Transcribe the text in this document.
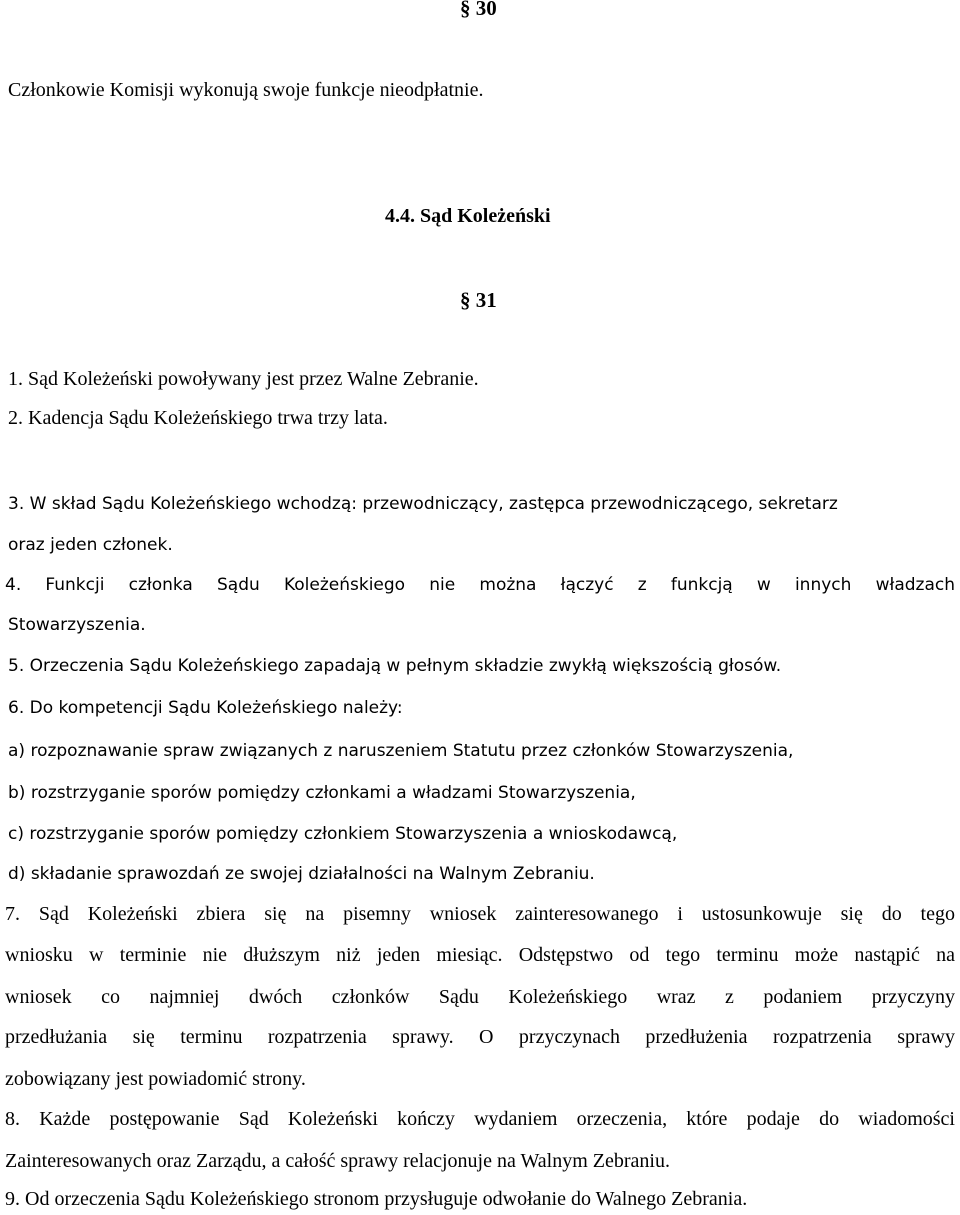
§ 30
Członkowie Komisji wykonują swoje funkcje nieodpłatnie.
4.4. Sąd Koleżeński
§ 31
1. Sąd Koleżeński powoływany jest przez Walne Zebranie.
2. Kadencja Sądu Koleżeńskiego trwa trzy lata.
3. W skład Sądu Koleżeńskiego wchodzą: przewodniczący, zastępca przewodniczącego, sekretarz
oraz jeden członek.
4. Funkcji członka Sądu Koleżeńskiego nie można łączyć z funkcją w innych władzach
Stowarzyszenia.
5. Orzeczenia Sądu Koleżeńskiego zapadają w pełnym składzie zwykłą większością głosów.
6. Do kompetencji Sądu Koleżeńskiego należy:
a) rozpoznawanie spraw związanych z naruszeniem Statutu przez członków Stowarzyszenia,
b) rozstrzyganie sporów pomiędzy członkami a władzami Stowarzyszenia,
c) rozstrzyganie sporów pomiędzy członkiem Stowarzyszenia a wnioskodawcą,
d) składanie sprawozdań ze swojej działalności na Walnym Zebraniu.
7. Sąd Koleżeński zbiera się na pisemny wniosek zainteresowanego i ustosunkowuje się do tego
wniosku w terminie nie dłuższym niż jeden miesiąc. Odstępstwo od tego terminu może nastąpić na
wniosek co najmniej dwóch członków Sądu Koleżeńskiego wraz z podaniem przyczyny
przedłużania się terminu rozpatrzenia sprawy. O przyczynach przedłużenia rozpatrzenia sprawy
zobowiązany jest powiadomić strony.
8. Każde postępowanie Sąd Koleżeński kończy wydaniem orzeczenia, które podaje do wiadomości
Zainteresowanych oraz Zarządu, a całość sprawy relacjonuje na Walnym Zebraniu.
9. Od orzeczenia Sądu Koleżeńskiego stronom przysługuje odwołanie do Walnego Zebrania.
